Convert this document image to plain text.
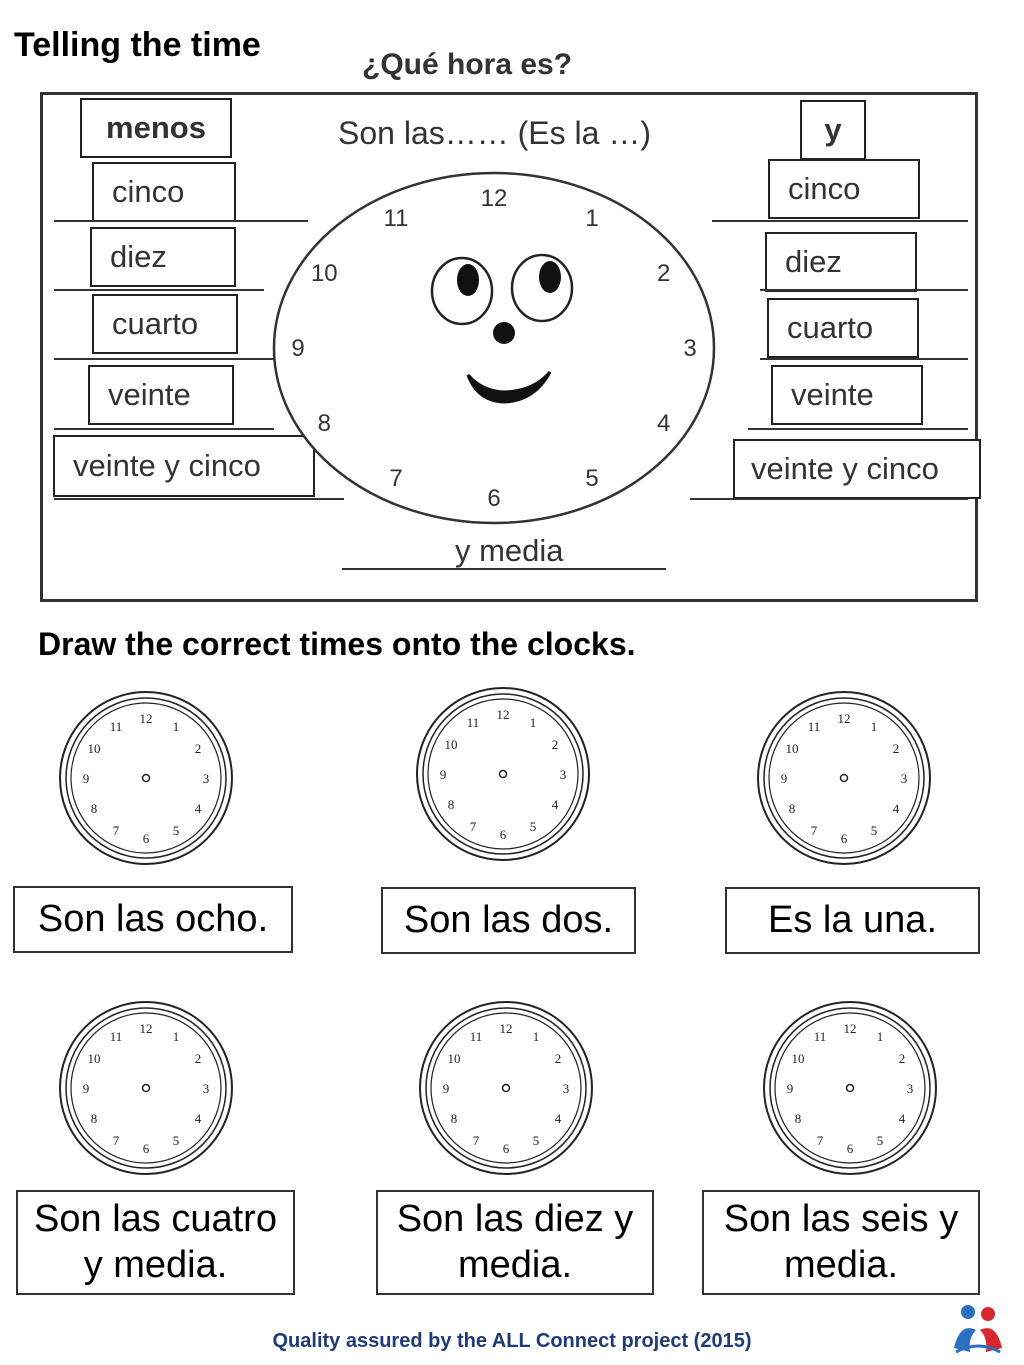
Telling the time
¿Qué hora es?
menos
cinco
diez
cuarto
veinte
veinte y cinco
y
cinco
diez
cuarto
veinte
veinte y cinco
Son las…… (Es la …)
y media
12
1
2
3
4
5
6
7
8
9
10
11
Draw the correct times onto the clocks.
12
1
2
3
4
5
6
7
8
9
10
11
12
1
2
3
4
5
6
7
8
9
10
11	12
1
2
3
4
5
6
7
8
9
10
11
12
1
2
3
4
5
6
7
8
9
10
11
12
1
2
3
4
5
6
7
8
9
10
11
12
1
2
3
4
5
6
7
8
9
10
11
Son las ocho.	Son las dos.	Es la una.
Son las cuatro y media.
Son las diez y media.
Son las seis y media.
Quality assured by the ALL Connect project (2015)
